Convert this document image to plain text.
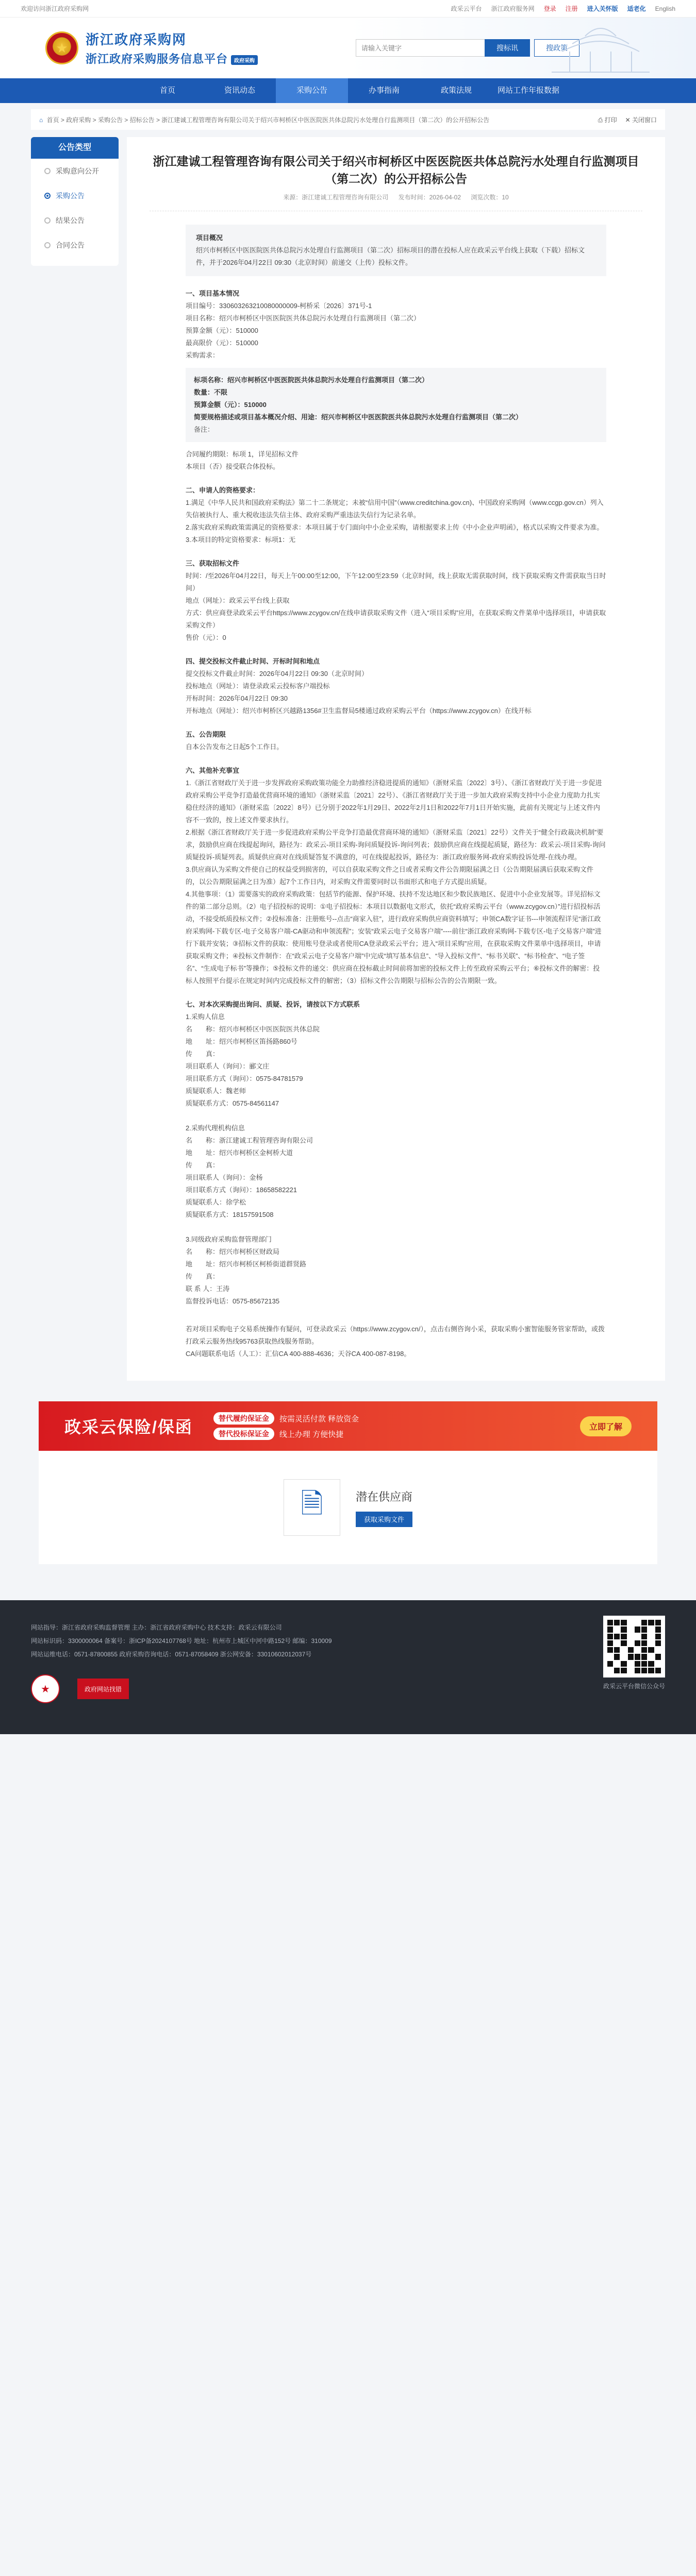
欢迎访问浙江政府采购网	政采云平台 浙江政府服务网 登录 注册 进入关怀版 适老化 English
★
浙江政府采购网
浙江政府采购服务信息平台 政府采购
请输入关键字
搜标讯	搜政策
首页	资讯动态	采购公告	办事指南	政策法规	网站工作年报数据
⌂ 首页 > 政府采购 > 采购公告 > 招标公告 > 浙江建诚工程管理咨询有限公司关于绍兴市柯桥区中医医院医共体总院污水处理自行监测项目（第二次）的公开招标公告	⎙ 打印 ✕ 关闭窗口
公告类型
采购意向公开
采购公告
结果公告
合同公告
浙江建诚工程管理咨询有限公司关于绍兴市柯桥区中医医院医共体总院污水处理自行监测项目（第二次）的公开招标公告
来源：浙江建诚工程管理咨询有限公司 发布时间：2026-04-02 浏览次数：10
项目概况
绍兴市柯桥区中医医院医共体总院污水处理自行监测项目（第二次）招标项目的潜在投标人应在政采云平台线上获取（下载）招标文件，并于2026年04月22日 09:30（北京时间）前递交（上传）投标文件。
一、项目基本情况

项目编号：330603263210080000009-柯桥采〔2026〕371号-1

项目名称：绍兴市柯桥区中医医院医共体总院污水处理自行监测项目（第二次）

预算金额（元）：510000

最高限价（元）：510000

采购需求：

标项名称：绍兴市柯桥区中医医院医共体总院污水处理自行监测项目（第二次）

数量：不限

预算金额（元）：510000

简要规格描述或项目基本概况介绍、用途：绍兴市柯桥区中医医院医共体总院污水处理自行监测项目（第二次）

备注：

合同履约期限：标项 1，详见招标文件

本项目（否）接受联合体投标。

二、申请人的资格要求：

1.满足《中华人民共和国政府采购法》第二十二条规定；未被“信用中国”（www.creditchina.gov.cn)、中国政府采购网（www.ccgp.gov.cn）列入失信被执行人、重大税收违法失信主体、政府采购严重违法失信行为记录名单。

2.落实政府采购政策需满足的资格要求：本项目属于专门面向中小企业采购，请根据要求上传《中小企业声明函》，格式以采购文件要求为准。

3.本项目的特定资格要求：标项1：无

三、获取招标文件

时间：/至2026年04月22日，每天上午00:00至12:00，下午12:00至23:59（北京时间，线上获取无需获取时间，线下获取采购文件需获取当日时间）

地点（网址）：政采云平台线上获取

方式：供应商登录政采云平台https://www.zcygov.cn/在线申请获取采购文件（进入“项目采购”应用，在获取采购文件菜单中选择项目，申请获取采购文件）

售价（元）：0

四、提交投标文件截止时间、开标时间和地点

提交投标文件截止时间：2026年04月22日 09:30（北京时间）

投标地点（网址）：请登录政采云投标客户端投标

开标时间：2026年04月22日 09:30

开标地点（网址）：绍兴市柯桥区兴越路1356#卫生监督局5楼通过政府采购云平台（https://www.zcygov.cn）在线开标

五、公告期限

自本公告发布之日起5个工作日。

六、其他补充事宜

1.《浙江省财政厅关于进一步发挥政府采购政策功能全力助推经济稳进提质的通知》（浙财采监〔2022〕3号）、《浙江省财政厅关于进一步促进政府采购公平竞争打造最优营商环境的通知》（浙财采监〔2021〕22号）、《浙江省财政厅关于进一步加大政府采购支持中小企业力度助力扎实稳住经济的通知》（浙财采监〔2022〕8号）已分别于2022年1月29日、2022年2月1日和2022年7月1日开始实施，此前有关规定与上述文件内容不一致的，按上述文件要求执行。

2.根据《浙江省财政厅关于进一步促进政府采购公平竞争打造最优营商环境的通知》（浙财采监〔2021〕22号）文件关于“健全行政裁决机制”要求，鼓励供应商在线提起询问，路径为：政采云-项目采购-询问质疑投诉-询问列表；鼓励供应商在线提起质疑，路径为：政采云-项目采购-询问质疑投诉-质疑列表。质疑供应商对在线质疑答复不满意的，可在线提起投诉，路径为：浙江政府服务网-政府采购投诉处理-在线办理。

3.供应商认为采购文件使自己的权益受到损害的，可以自获取采购文件之日或者采购文件公告期限届满之日（公告期限届满后获取采购文件的，以公告期限届满之日为准）起7个工作日内，对采购文件需要同时以书面形式和电子方式提出质疑。

4.其他事项：（1）需要落实的政府采购政策：包括节约能源、保护环境、扶持不发达地区和少数民族地区、促进中小企业发展等。详见招标文件的第二部分总则。（2）电子招投标的说明：①电子招投标：本项目以数据电文形式，依托“政府采购云平台（www.zcygov.cn）”进行招投标活动，不接受纸质投标文件；②投标准备：注册账号--点击“商家入驻”，进行政府采购供应商资料填写；申领CA数字证书---申领流程详见“浙江政府采购网-下载专区-电子交易客户端-CA驱动和申领流程”；安装“政采云电子交易客户端”----前往“浙江政府采购网-下载专区-电子交易客户端”进行下载并安装；③招标文件的获取：使用账号登录或者使用CA登录政采云平台；进入“项目采购”应用，在获取采购文件菜单中选择项目，申请获取采购文件；④投标文件制作：在“政采云电子交易客户端”中完成“填写基本信息”、“导入投标文件”、“标书关联”、“标书检查”、“电子签名”、“生成电子标书”等操作；⑤投标文件的递交：供应商在投标截止时间前将加密的投标文件上传至政府采购云平台；⑥投标文件的解密：投标人按照平台提示在规定时间内完成投标文件的解密；（3）招标文件公告期限与招标公告的公告期限一致。

七、对本次采购提出询问、质疑、投诉，请按以下方式联系

1.采购人信息

名　　称：绍兴市柯桥区中医医院医共体总院

地　　址：绍兴市柯桥区笛扬路860号

传　　真：

项目联系人（询问）：郦文庄

项目联系方式（询问）：0575-84781579

质疑联系人：魏老师

质疑联系方式：0575-84561147

2.采购代理机构信息

名　　称：浙江建诚工程管理咨询有限公司

地　　址：绍兴市柯桥区金柯桥大道

传　　真：

项目联系人（询问）：金杨

项目联系方式（询问）：18658582221

质疑联系人：徐学松

质疑联系方式：18157591508

3.同级政府采购监督管理部门

名　　称：绍兴市柯桥区财政局

地　　址：绍兴市柯桥区柯桥街道群贤路

传　　真：

联 系 人：王涛

监督投诉电话：0575-85672135

若对项目采购电子交易系统操作有疑问，可登录政采云（https://www.zcygov.cn/），点击右侧咨询小采，获取采购小蜜智能服务管家帮助，或拨打政采云服务热线95763获取热线服务帮助。

CA问题联系电话（人工）：汇信CA 400-888-4636；天谷CA 400-087-8198。

政采云保险/保函	替代履约保证金	按需灵活付款 释放资金
替代投标保证金	线上办理 方便快捷
立即了解
🗎	潜在供应商
获取采购文件
网站指导：浙江省政府采购监督管理 主办：浙江省政府采购中心 技术支持：政采云有限公司
网站标识码：3300000064 备案号：浙ICP备2024107768号 地址：杭州市上城区中河中路152号 邮编：310009
网站运维电话：0571-87800855 政府采购咨询电话：0571-87058409 浙公网安备：33010602012037号
★	政府网站找错	政采云平台微信公众号
